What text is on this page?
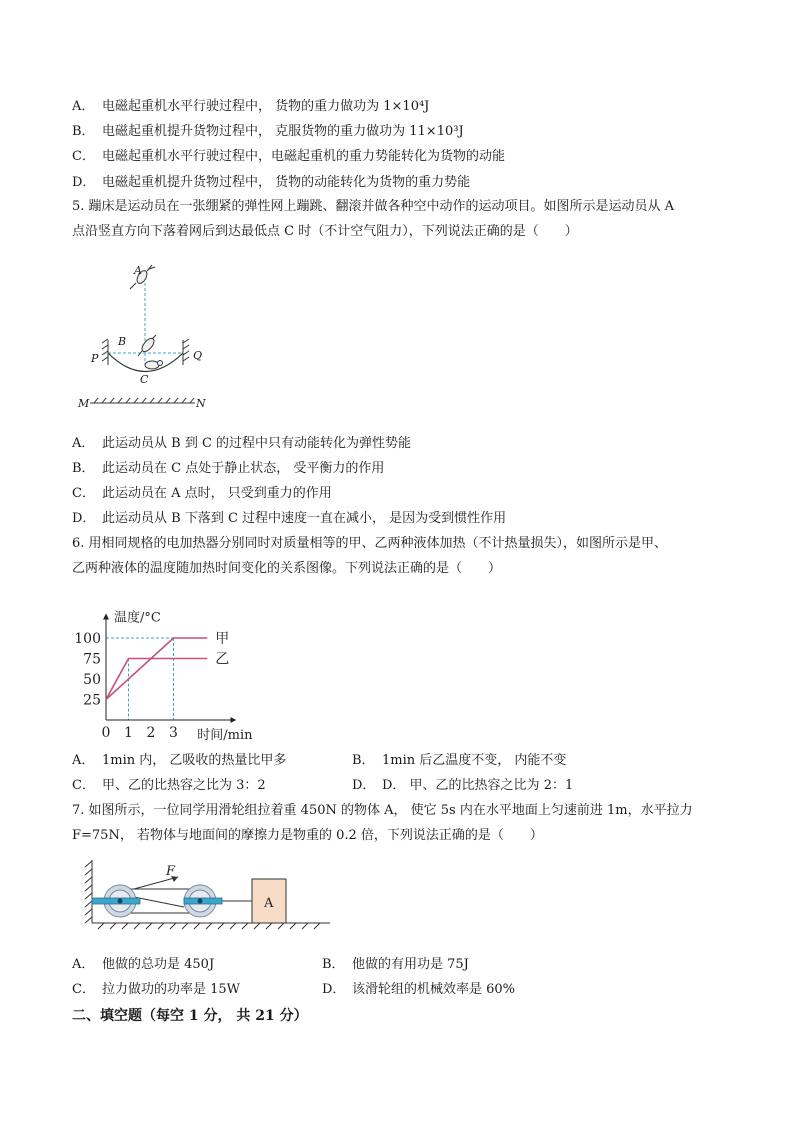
A． 电磁起重机水平行驶过程中， 货物的重力做功为 1×10⁴J
B． 电磁起重机提升货物过程中， 克服货物的重力做功为 11×10³J
C． 电磁起重机水平行驶过程中，电磁起重机的重力势能转化为货物的动能
D． 电磁起重机提升货物过程中， 货物的动能转化为货物的重力势能
5. 蹦床是运动员在一张绷紧的弹性网上蹦跳、翻滚并做各种空中动作的运动项目。如图所示是运动员从 A
点沿竖直方向下落着网后到达最低点 C 时（不计空气阻力），下列说法正确的是（　　）
A
B
P	Q
C
M	N
A． 此运动员从 B 到 C 的过程中只有动能转化为弹性势能
B． 此运动员在 C 点处于静止状态， 受平衡力的作用
C． 此运动员在 A 点时， 只受到重力的作用
D． 此运动员从 B 下落到 C 过程中速度一直在减小， 是因为受到惯性作用
6. 用相同规格的电加热器分别同时对质量相等的甲、乙两种液体加热（不计热量损失），如图所示是甲、
乙两种液体的温度随加热时间变化的关系图像。下列说法正确的是（　　）
甲
乙
25
50
75
100
0 1 2 3
温度/°C
时间/min
A． 1min 内， 乙吸收的热量比甲多	B． 1min 后乙温度不变， 内能不变
C． 甲、乙的比热容之比为 3：2	D． D． 甲、乙的比热容之比为 2：1
7. 如图所示，一位同学用滑轮组拉着重 450N 的物体 A， 使它 5s 内在水平地面上匀速前进 1m，水平拉力
F=75N， 若物体与地面间的摩擦力是物重的 0.2 倍，下列说法正确的是（　　）
F
A
A． 他做的总功是 450J	B． 他做的有用功是 75J
C． 拉力做功的功率是 15W	D． 该滑轮组的机械效率是 60%
二、填空题（每空 1 分， 共 21 分）
